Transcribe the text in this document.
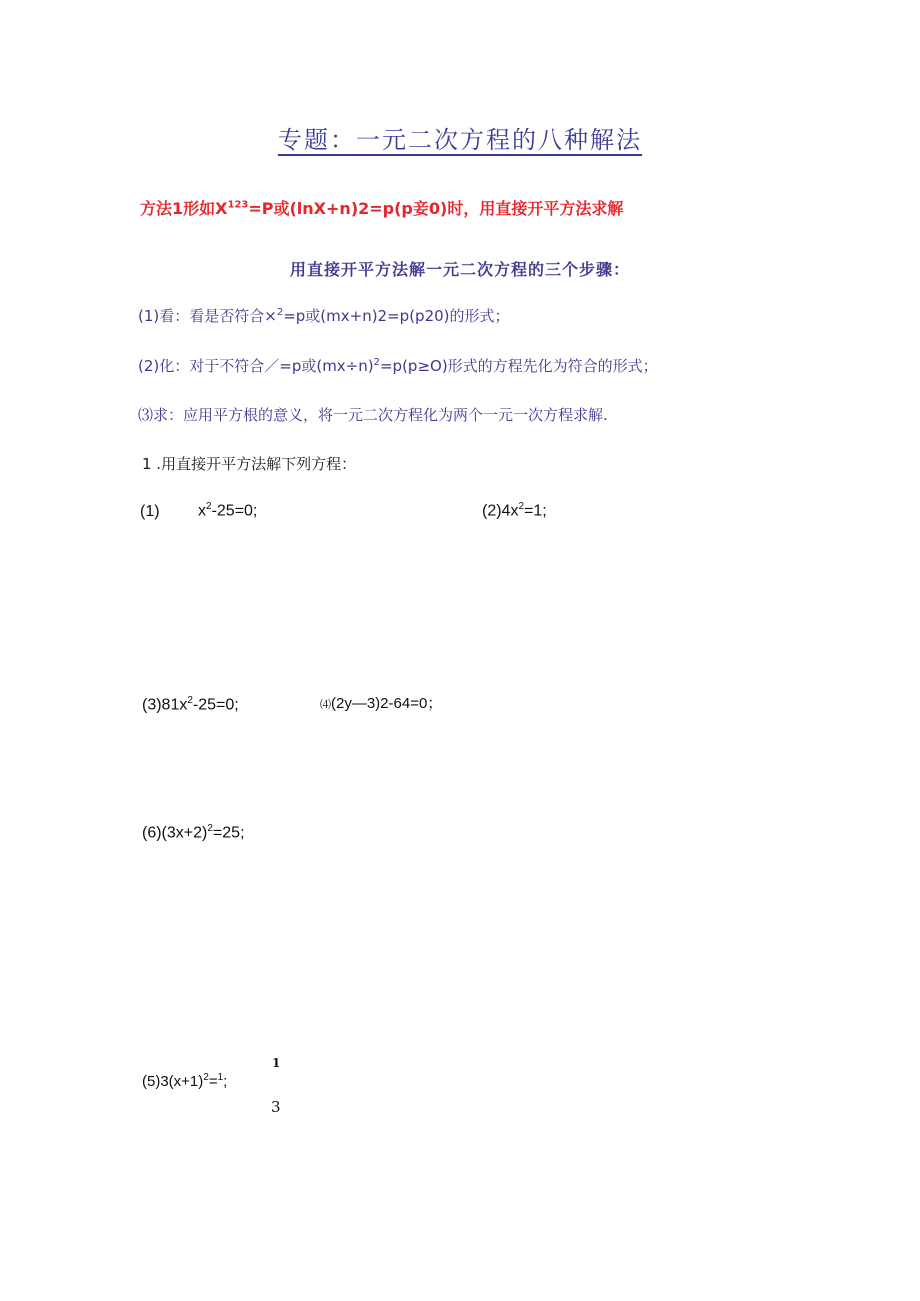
专题：一元二次方程的八种解法
方法1形如$X^{123}=P$或(lnX+n)2=p(p妾0)时，用直接开平方法求解
用直接开平方法解一元二次方程的三个步骤：
(1)看：看是否符合×$^2$=p或(mx+n)2=p(p20)的形式；
(2)化：对于不符合／=p或$(mx\div n)^2=p(p\ge O)$形式的方程先化为符合的形式；
⑶求：应用平方根的意义，将一元二次方程化为两个一元一次方程求解.
1 .用直接开平方法解下列方程：
(1) $x^2-25=0$;	$(2)4x^2=1$;
$(3)81x^2-25=0$;	⑷(2y—3)2-64=0；
$(6)(3x+2)^2=25$;
$(5)3(x+1)^2=^1$;
1
3
